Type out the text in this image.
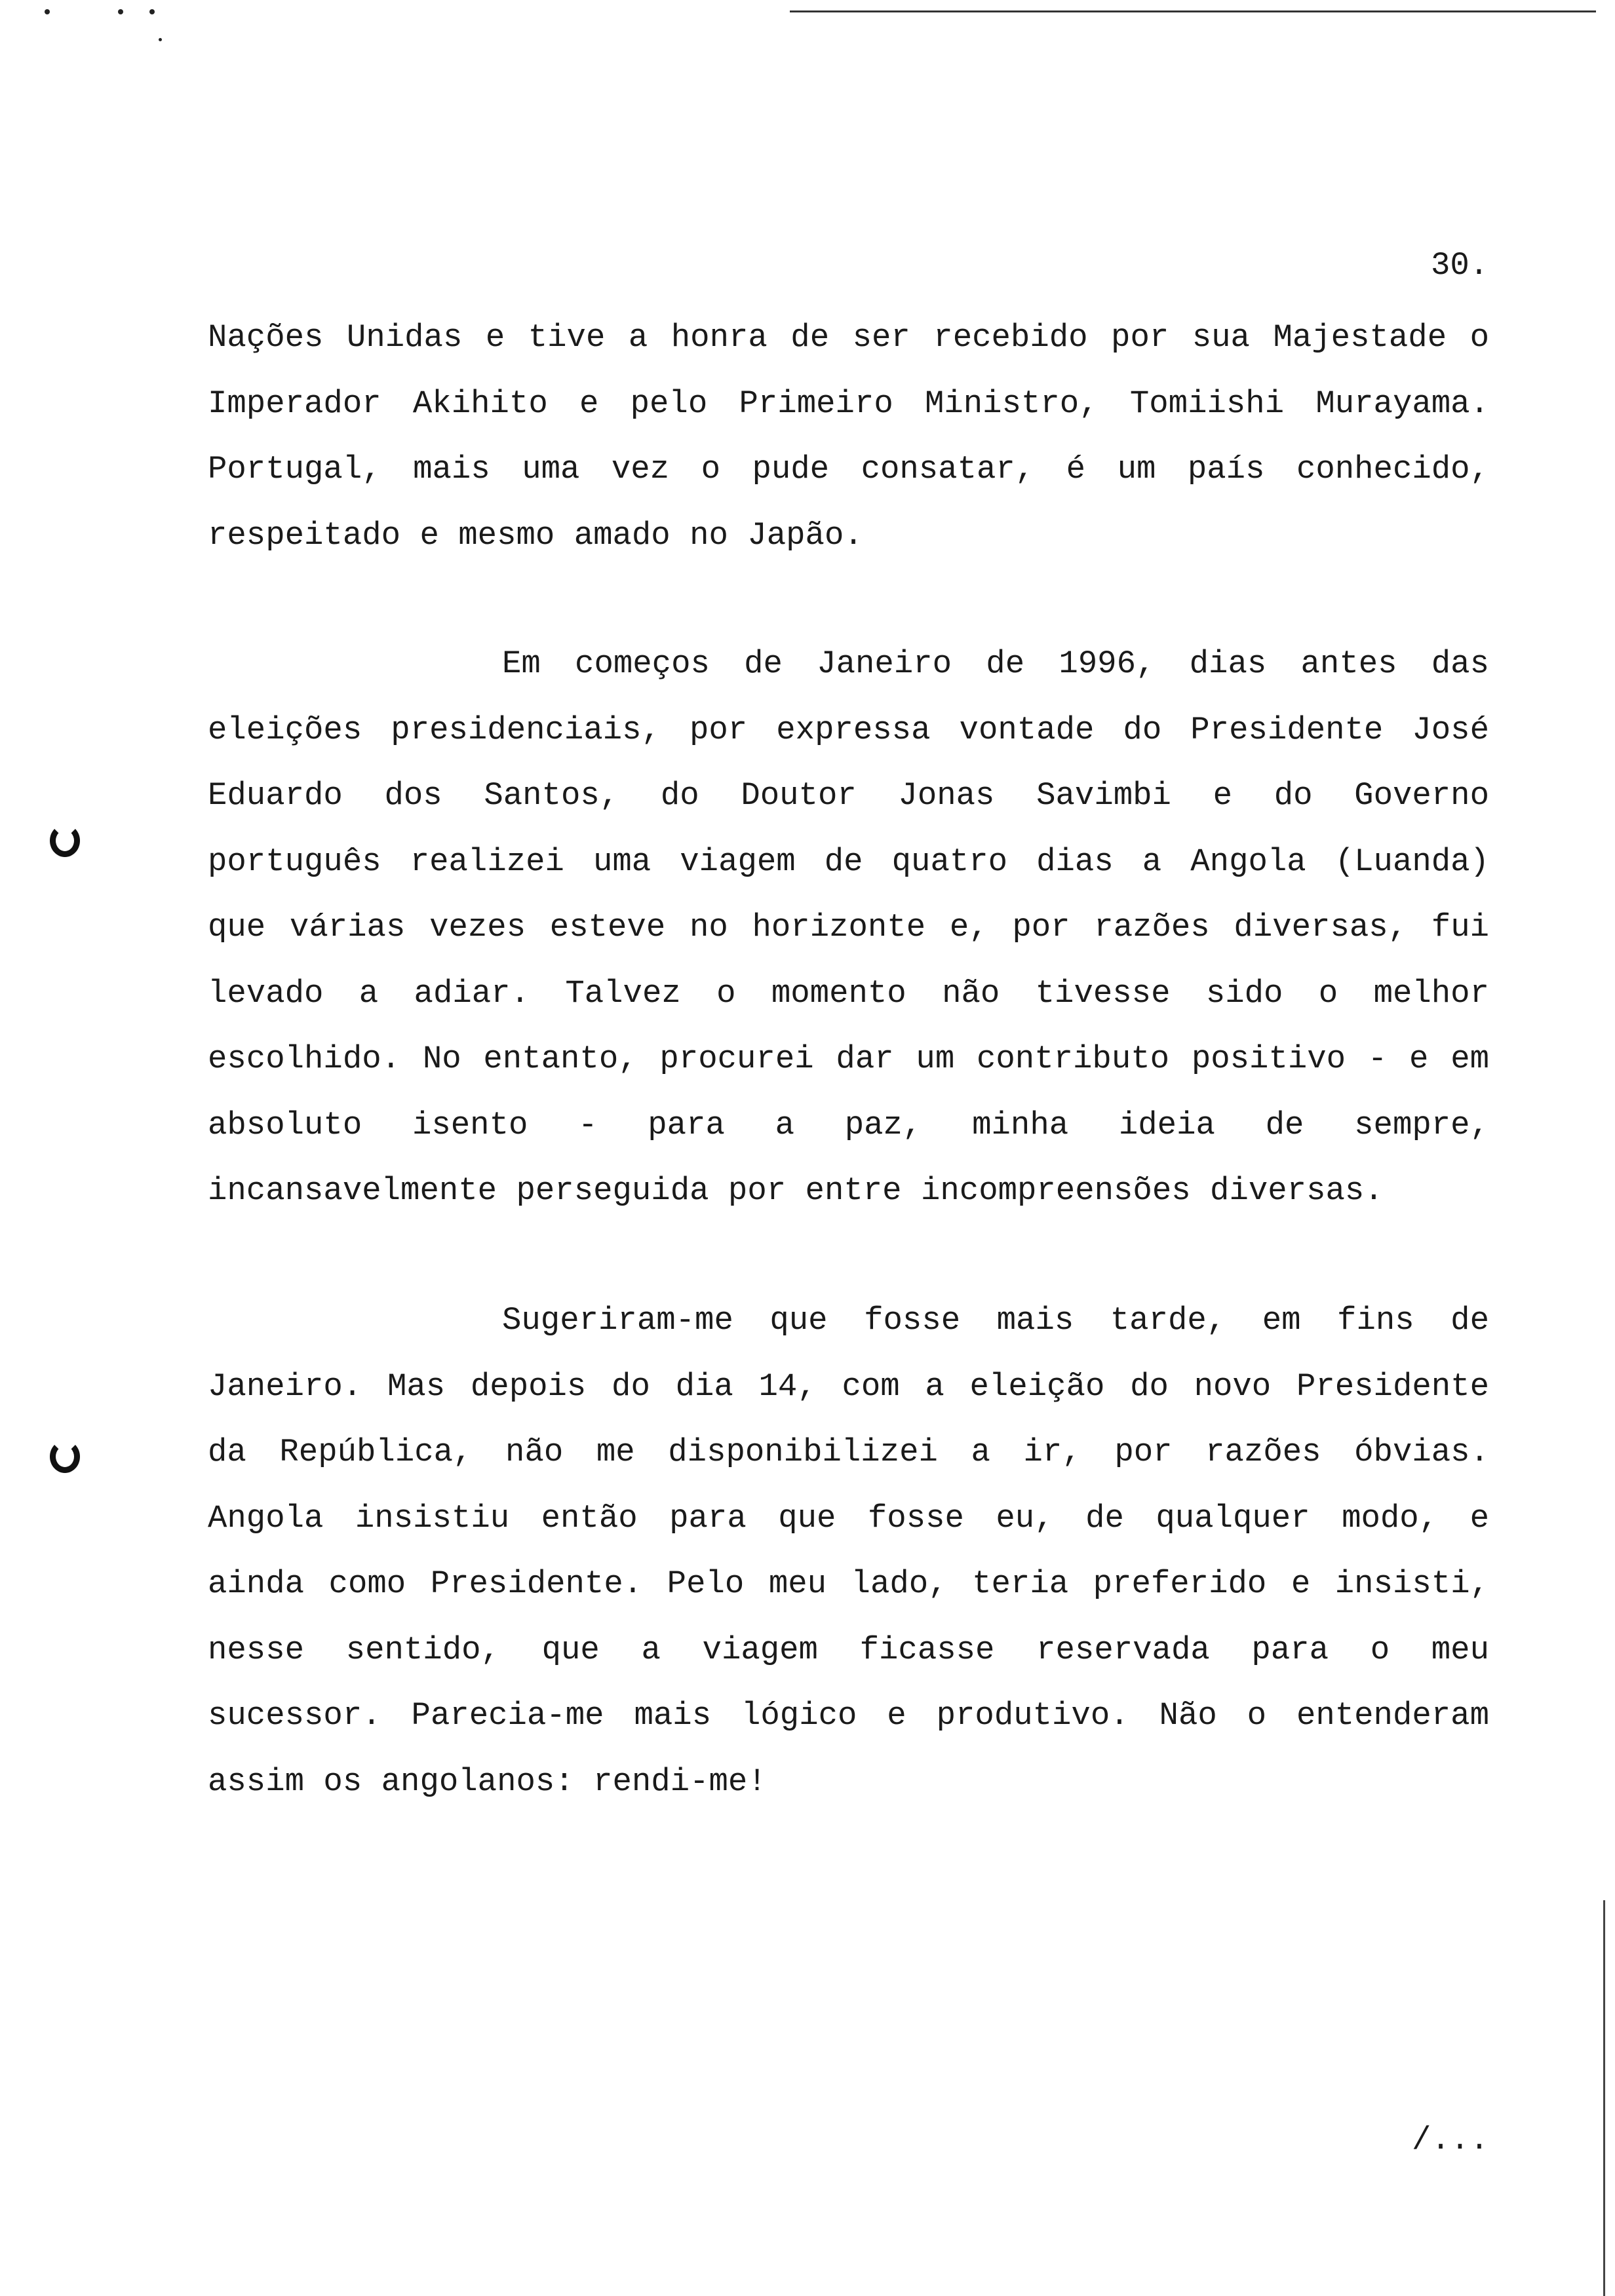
30.
Nações Unidas e tive a honra de ser recebido por sua Majestade o
Imperador Akihito e pelo Primeiro Ministro, Tomiishi Murayama.
Portugal, mais uma vez o pude consatar, é um país conhecido,
respeitado e mesmo amado no Japão.
Em começos de Janeiro de 1996, dias antes das
eleições presidenciais, por expressa vontade do Presidente José
Eduardo dos Santos, do Doutor Jonas Savimbi e do Governo
português realizei uma viagem de quatro dias a Angola (Luanda)
que várias vezes esteve no horizonte e, por razões diversas, fui
levado a adiar. Talvez o momento não tivesse sido o melhor
escolhido. No entanto, procurei dar um contributo positivo - e em
absoluto isento - para a paz, minha ideia de sempre,
incansavelmente perseguida por entre incompreensões diversas.
Sugeriram-me que fosse mais tarde, em fins de
Janeiro. Mas depois do dia 14, com a eleição do novo Presidente
da República, não me disponibilizei a ir, por razões óbvias.
Angola insistiu então para que fosse eu, de qualquer modo, e
ainda como Presidente. Pelo meu lado, teria preferido e insisti,
nesse sentido, que a viagem ficasse reservada para o meu
sucessor. Parecia-me mais lógico e produtivo. Não o entenderam
assim os angolanos: rendi-me!
/...
